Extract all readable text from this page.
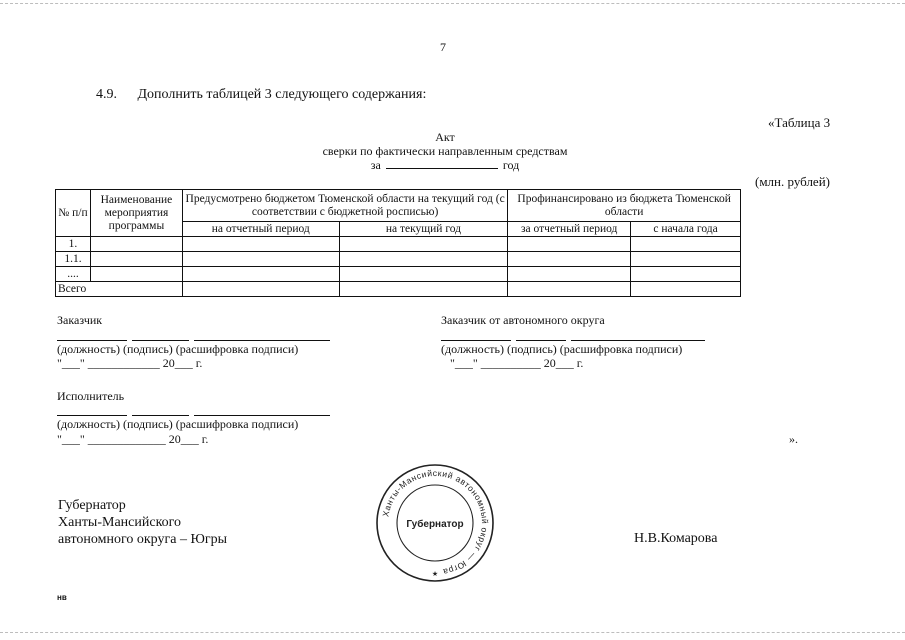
7
4.9. Дополнить таблицей 3 следующего содержания:
«Таблица 3
Акт
сверки по фактически направленным средствам
за	год
(млн. рублей)
№ п/п	Наименование мероприятия программы	Предусмотрено бюджетом Тюменской области на текущий год (с соответствии с бюджетной росписью)		Профинансировано из бюджета Тюменской области	
		на отчетный период	на текущий год	за отчетный период	с начала года
1.					
1.1.					
....					
Всего					
Заказчик
(должность) (подпись) (расшифровка подписи)
"___" ____________ 20___ г.
Заказчик от автономного округа
(должность) (подпись) (расшифровка подписи)
"___" __________ 20___ г.
Исполнитель
(должность) (подпись) (расшифровка подписи)
"___" _____________ 20___ г.	».
Ханты-Мансийский автономный округ — Югра
Губернатор
★
Губернатор
Ханты-Мансийского
автономного округа – Югры	Н.В.Комарова
нв
